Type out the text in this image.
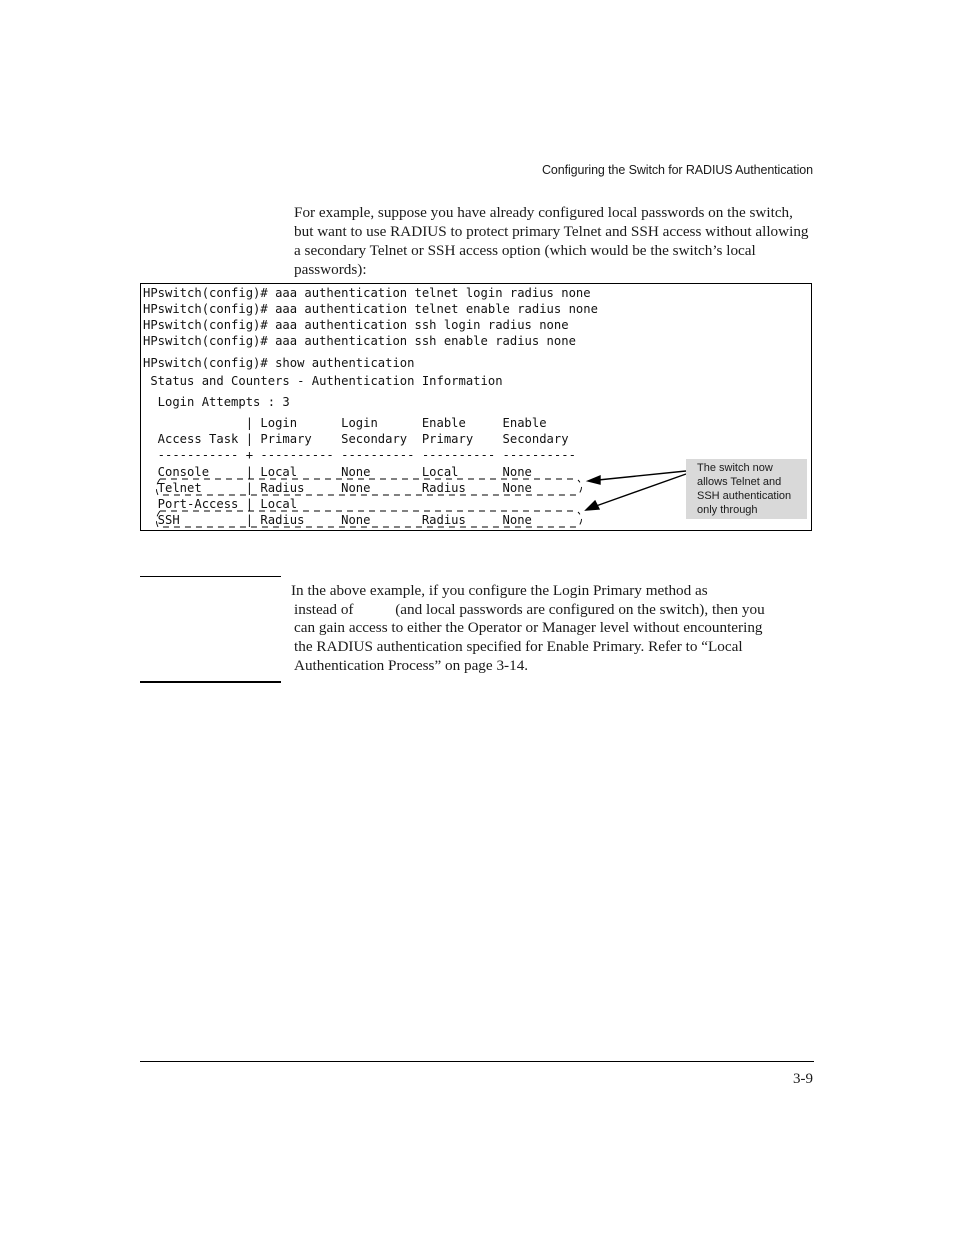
Configuring the Switch for RADIUS Authentication

For example, suppose you have already configured local passwords on the switch, but want to use RADIUS to protect primary Telnet and SSH access without allowing a secondary Telnet or SSH access option (which would be the switch’s local passwords):

HPswitch(config)# aaa authentication telnet login radius none
HPswitch(config)# aaa authentication telnet enable radius none
HPswitch(config)# aaa authentication ssh login radius none
HPswitch(config)# aaa authentication ssh enable radius none
HPswitch(config)# show authentication
Status and Counters - Authentication Information
Login Attempts : 3
| Login      Login      Enable     Enable
Access Task | Primary    Secondary  Primary    Secondary
----------- + ---------- ---------- ---------- ----------
Console     | Local      None       Local      None
Telnet      | Radius     None       Radius     None
Port-Access | Local
SSH         | Radius     None       Radius     None
The switch now
allows Telnet and
SSH authentication
only through
In the above example, if you configure the Login Primary method as
instead of           (and local passwords are configured on the switch), then you
can gain access to either the Operator or Manager level without encountering
the RADIUS authentication specified for Enable Primary. Refer to “Local
Authentication Process” on page 3-14.
3-9
